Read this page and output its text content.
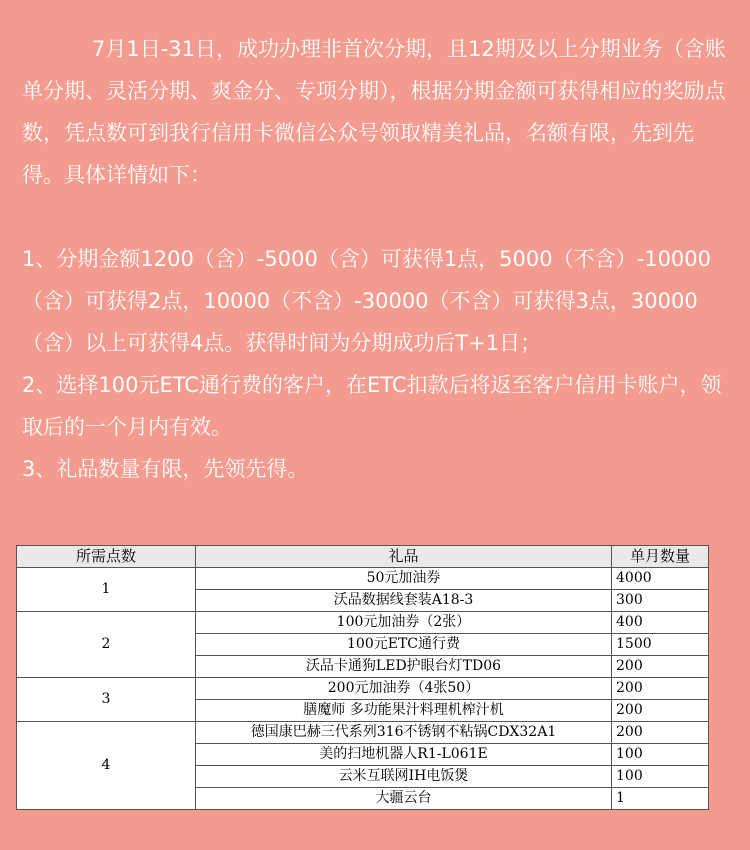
7月1日-31日，成功办理非首次分期，且12期及以上分期业务（含账单分期、灵活分期、爽金分、专项分期），根据分期金额可获得相应的奖励点数，凭点数可到我行信用卡微信公众号领取精美礼品，名额有限，先到先得。具体详情如下：

1、分期金额1200（含）-5000（含）可获得1点，5000（不含）-10000（含）可获得2点，10000（不含）-30000（不含）可获得3点，30000（含）以上可获得4点。获得时间为分期成功后T+1日；

2、选择100元ETC通行费的客户，在ETC扣款后将返至客户信用卡账户，领取后的一个月内有效。

3、礼品数量有限，先领先得。

所需点数	礼品	单月数量
1	50元加油券	4000
	沃品数据线套装A18-3	300
2	100元加油券（2张）	400
	100元ETC通行费	1500
	沃品卡通狗LED护眼台灯TD06	200
3	200元加油券（4张50）	200
	膳魔师 多功能果汁料理机榨汁机	200
4	德国康巴赫三代系列316不锈钢不粘锅CDX32A1	200
	美的扫地机器人R1-L061E	100
	云米互联网IH电饭煲	100
	大疆云台	1
